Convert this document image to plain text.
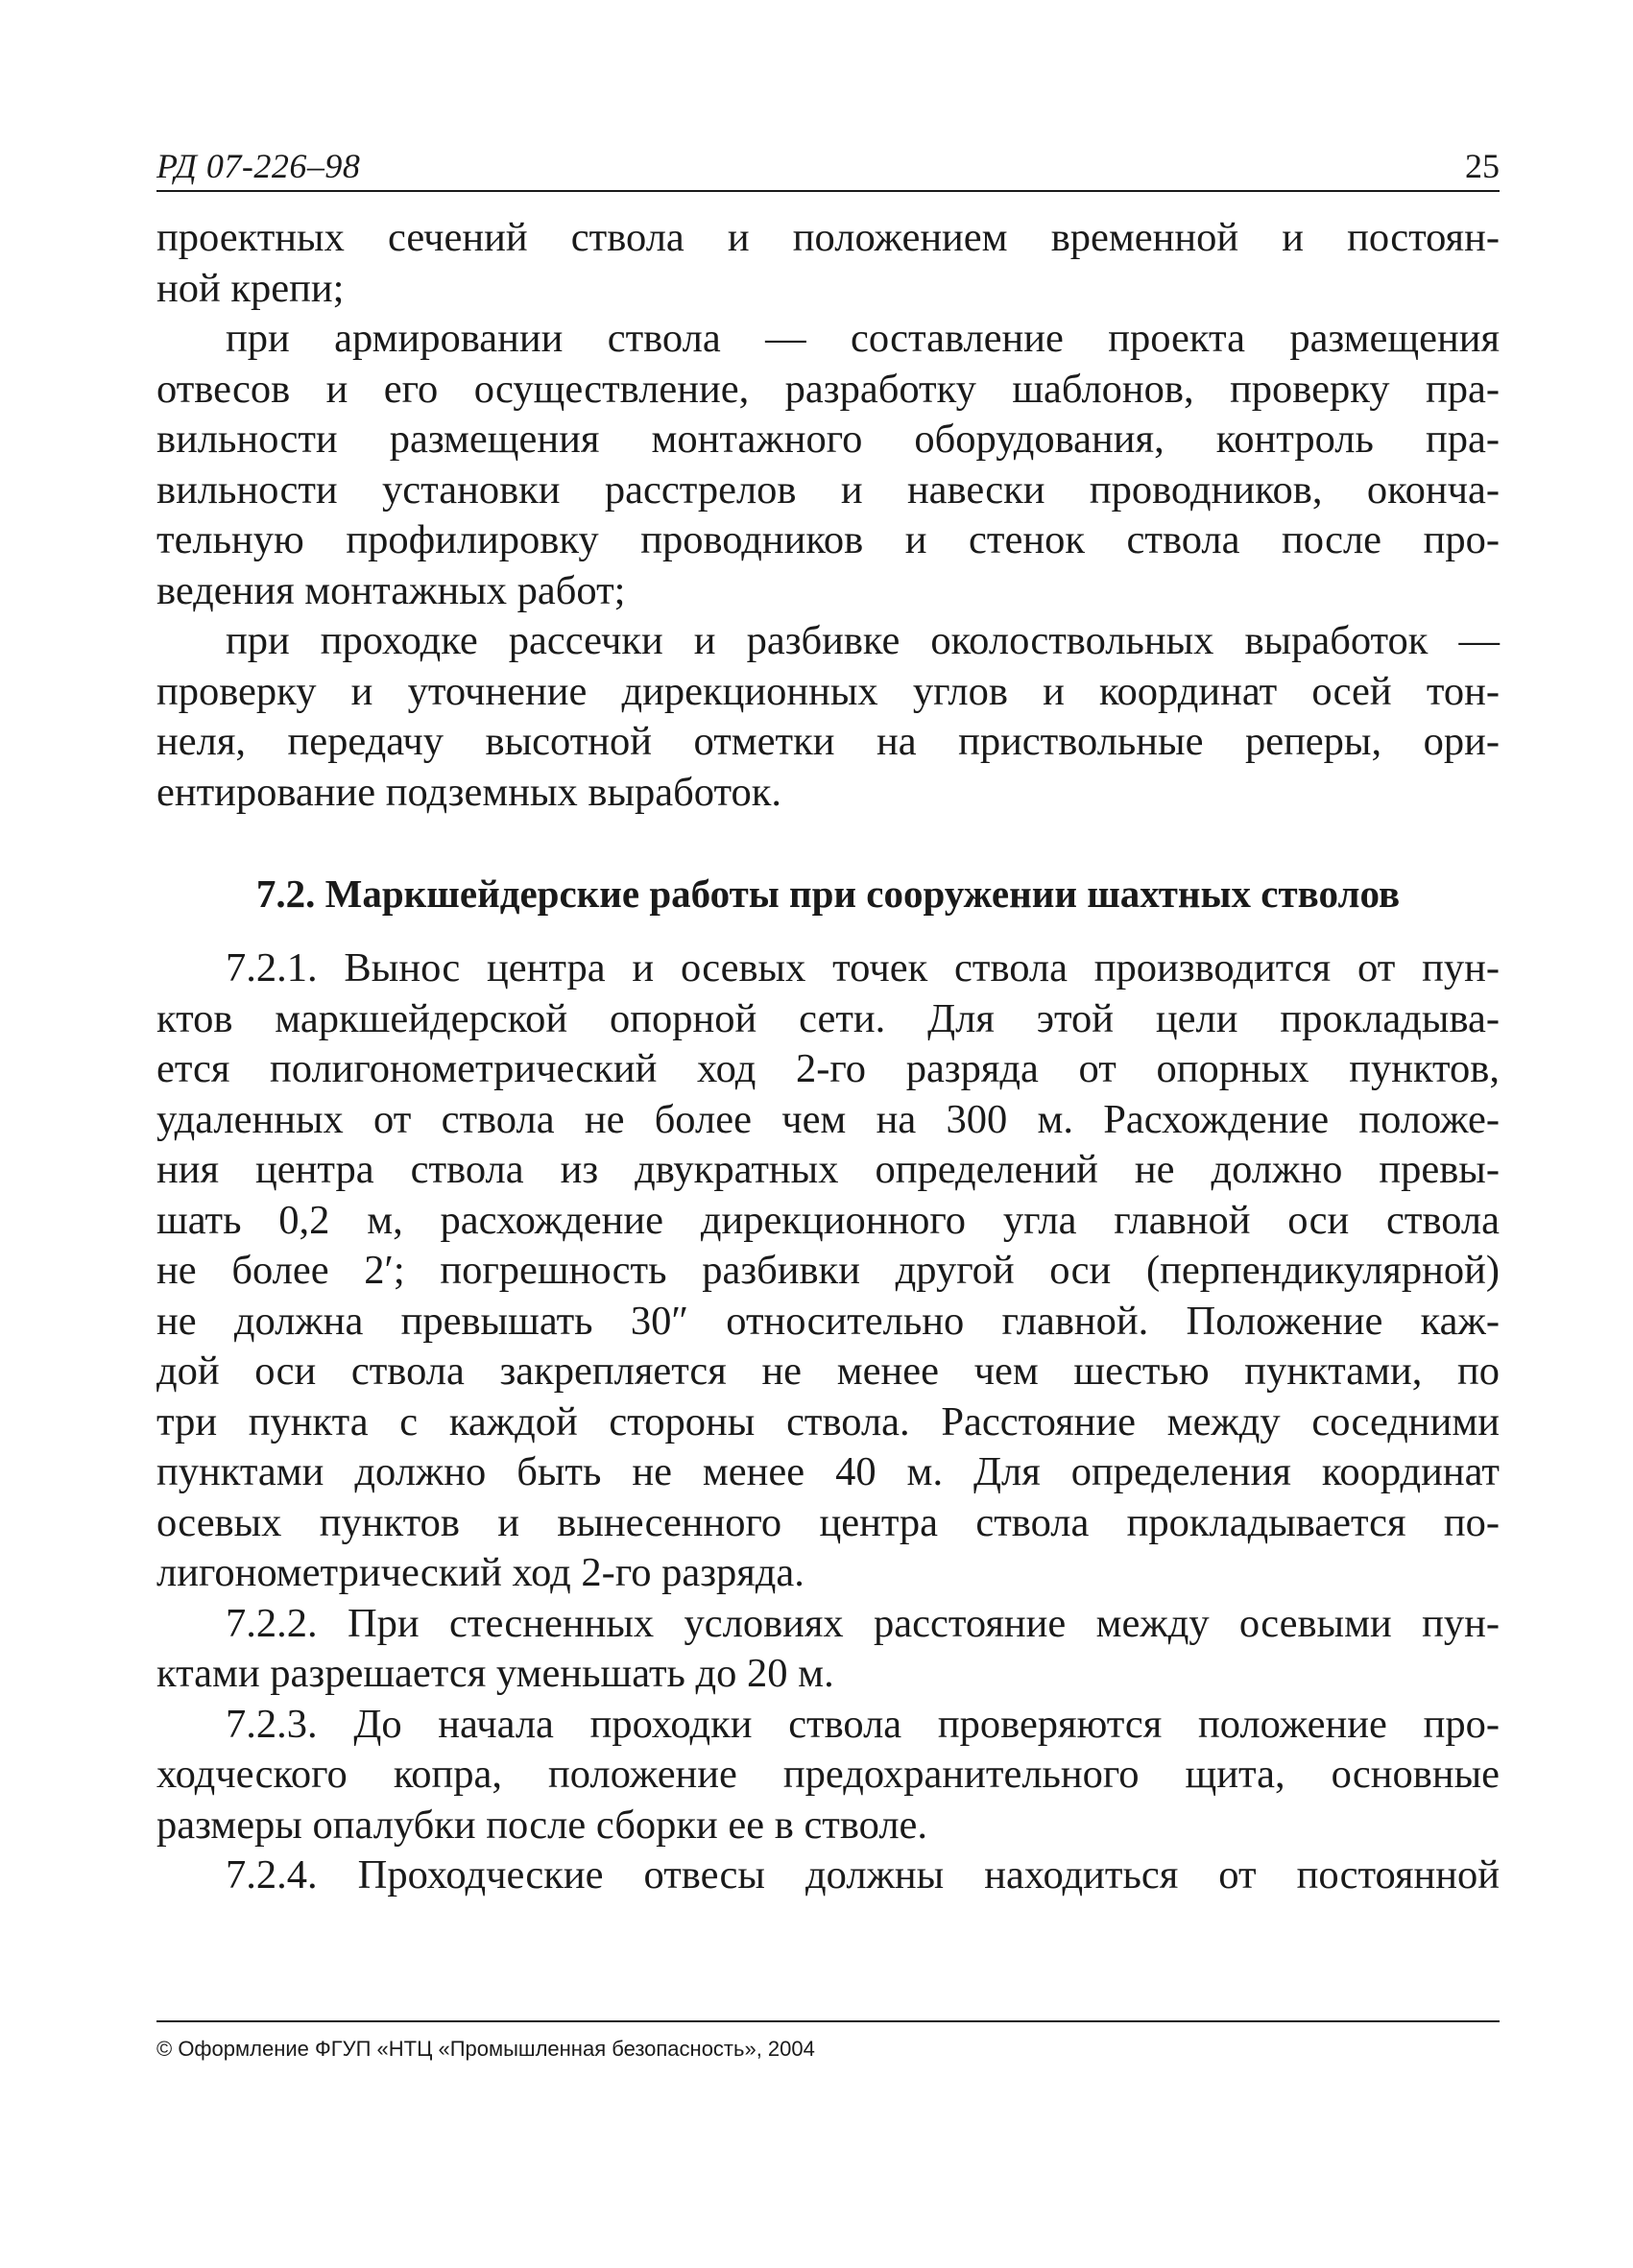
РД 07-226–98	25
проектных сечений ствола и положением временной и постоян-
ной крепи;
при армировании ствола — составление проекта размещения
отвесов и его осуществление, разработку шаблонов, проверку пра-
вильности размещения монтажного оборудования, контроль пра-
вильности установки расстрелов и навески проводников, оконча-
тельную профилировку проводников и стенок ствола после про-
ведения монтажных работ;
при проходке рассечки и разбивке околоствольных выработок —
проверку и уточнение дирекционных углов и координат осей тон-
неля, передачу высотной отметки на приствольные реперы, ори-
ентирование подземных выработок.
7.2. Маркшейдерские работы при сооружении шахтных стволов
7.2.1. Вынос центра и осевых точек ствола производится от пун-
ктов маркшейдерской опорной сети. Для этой цели прокладыва-
ется полигонометрический ход 2-го разряда от опорных пунктов,
удаленных от ствола не более чем на 300 м. Расхождение положе-
ния центра ствола из двукратных определений не должно превы-
шать 0,2 м, расхождение дирекционного угла главной оси ствола
не более 2′; погрешность разбивки другой оси (перпендикулярной)
не должна превышать 30″ относительно главной. Положение каж-
дой оси ствола закрепляется не менее чем шестью пунктами, по
три пункта с каждой стороны ствола. Расстояние между соседними
пунктами должно быть не менее 40 м. Для определения координат
осевых пунктов и вынесенного центра ствола прокладывается по-
лигонометрический ход 2-го разряда.
7.2.2. При стесненных условиях расстояние между осевыми пун-
ктами разрешается уменьшать до 20 м.
7.2.3. До начала проходки ствола проверяются положение про-
ходческого копра, положение предохранительного щита, основные
размеры опалубки после сборки ее в стволе.
7.2.4. Проходческие отвесы должны находиться от постоянной
© Оформление ФГУП «НТЦ «Промышленная безопасность», 2004
